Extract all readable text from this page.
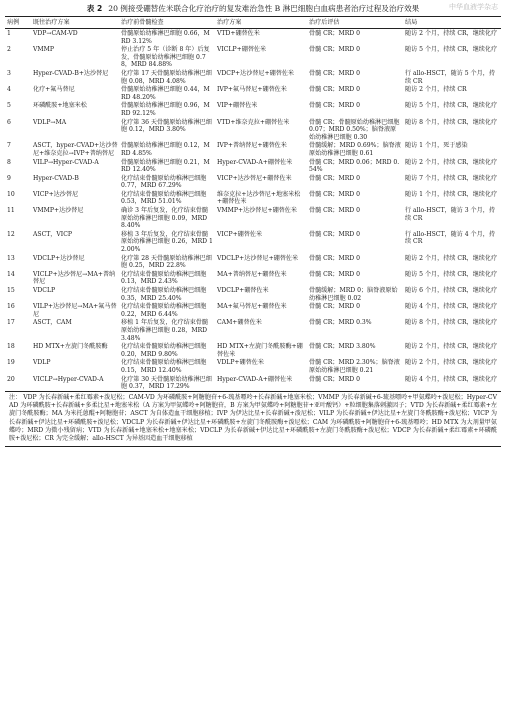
中华血液学杂志
表 2 20 例接受硼替佐米联合化疗治疗的复发难治急性 B 淋巴细胞白血病患者治疗过程及治疗效果
病例	既往治疗方案	治疗前骨髓检查	治疗方案	治疗后评估	结局
1	VDP→CAM-VD	骨髓原始幼稚淋巴细胞 0.66，MRD 3.12%	VTD+硼替佐米	骨髓 CR；MRD 0	随访 2 个月，持续 CR，继续化疗
2	VMMP	停止治疗 5 年（诊断 8 年）后复发，骨髓原始幼稚淋巴细胞 0.78，MRD 84.88%	VICLP+硼替佐米	骨髓 CR；MRD 0	随访 5 个月，持续 CR，继续化疗
3	Hyper-CVAD-B+达沙替尼	化疗第 17 天骨髓原始幼稚淋巴细胞 0.08，MRD 4.08%	VDCP+达沙替尼+硼替佐米	骨髓 CR；MRD 0	行 allo-HSCT，随访 5 个月，持续 CR
4	化疗+氟马替尼	骨髓原始幼稚淋巴细胞 0.44，MRD 48.20%	IVP+氟马替尼+硼替佐米	骨髓 CR；MRD 0	随访 2 个月，持续 CR
5	环磷酰胺+地塞米松	骨髓原始幼稚淋巴细胞 0.96，MRD 92.12%	VIP+硼替佐米	骨髓 CR；MRD 0	随访 5 个月，持续 CR，继续化疗
6	VDLP→MA	化疗第 36 天骨髓原始幼稚淋巴细胞 0.12，MRD 3.80%	VTD+维奈克拉+硼替佐米	骨髓 CR；骨髓原始幼稚淋巴细胞 0.07；MRD 0.50%；脑脊液原始幼稚淋巴细胞 0.30	随访 8 个月，持续 CR，继续化疗
7	ASCT，hyper-CVAD+达沙替尼+维奈克拉→IVP+普纳替尼	骨髓原始幼稚淋巴细胞 0.12，MRD 4.85%	IVP+普纳替尼+硼替佐米	骨髓缓解；MRD 0.69%；脑脊液原始幼稚淋巴细胞 0.61	随访 1 个月，死于感染
8	VILP→Hyper-CVAD-A	骨髓原始幼稚淋巴细胞 0.21，MRD 12.40%	Hyper-CVAD-A+硼替佐米	骨髓 CR；MRD 0.06；MRD 0.54%	随访 2 个月，持续 CR，继续化疗
9	Hyper-CVAD-B	化疗结束骨髓原始幼稚淋巴细胞 0.77，MRD 67.29%	VICP+达沙替尼+硼替佐米	骨髓 CR；MRD 0	随访 7 个月，持续 CR，继续化疗
10	VICP+达沙替尼	化疗结束骨髓原始幼稚淋巴细胞 0.53，MRD 51.01%	维奈克拉+达沙替尼+地塞米松+硼替佐米	骨髓 CR；MRD 0	随访 1 个月，持续 CR，继续化疗
11	VMMP+达沙替尼	确诊 3 年后复发，化疗结束骨髓原始幼稚淋巴细胞 0.09，MRD 8.40%	VMMP+达沙替尼+硼替佐米	骨髓 CR；MRD 0	行 allo-HSCT，随访 3 个月，持续 CR
12	ASCT，VICP	移植 3 年后复发，化疗结束骨髓原始幼稚淋巴细胞 0.26，MRD 12.00%	VICP+硼替佐米	骨髓 CR；MRD 0	行 allo-HSCT，随访 4 个月，持续 CR
13	VDCLP+达沙替尼	化疗第 28 天骨髓原始幼稚淋巴细胞 0.25，MRD 22.8%	VDCLP+达沙替尼+硼替佐米	骨髓 CR；MRD 0	随访 2 个月，持续 CR，继续化疗
14	VICLP+达沙替尼→MA+普纳替尼	化疗结束骨髓原始幼稚淋巴细胞 0.13，MRD 2.43%	MA+普纳替尼+硼替佐米	骨髓 CR；MRD 0	随访 5 个月，持续 CR，继续化疗
15	VDCLP	化疗结束骨髓原始幼稚淋巴细胞 0.35，MRD 25.40%	VDCLP+硼替佐米	骨髓缓解；MRD 0；脑脊液原始幼稚淋巴细胞 0.02	随访 6 个月，持续 CR，继续化疗
16	VILP+达沙替尼→MA+氟马替尼	化疗结束骨髓原始幼稚淋巴细胞 0.22，MRD 6.44%	MA+氟马替尼+硼替佐米	骨髓 CR；MRD 0	随访 4 个月，持续 CR，继续化疗
17	ASCT，CAM	移植 1 年后复发，化疗结束骨髓原始幼稚淋巴细胞 0.28，MRD 3.48%	CAM+硼替佐米	骨髓 CR；MRD 0.3%	随访 8 个月，持续 CR，继续化疗
18	HD MTX+左旋门冬酰胺酶	化疗结束骨髓原始幼稚淋巴细胞 0.20，MRD 9.80%	HD MTX+左旋门冬酰胺酶+硼替佐米	骨髓 CR；MRD 3.80%	随访 2 个月，持续 CR，继续化疗
19	VDLP	化疗结束骨髓原始幼稚淋巴细胞 0.15，MRD 12.40%	VDLP+硼替佐米	骨髓 CR；MRD 2.30%；脑脊液原始幼稚淋巴细胞 0.21	随访 2 个月，持续 CR，继续化疗
20	VICLP→Hyper-CVAD-A	化疗第 30 天骨髓原始幼稚淋巴细胞 0.37，MRD 17.29%	Hyper-CVAD-A+硼替佐米	骨髓 CR；MRD 0	随访 4 个月，持续 CR，继续化疗
注： VDP 为长春新碱+柔红霉素+泼尼松；CAM-VD 为环磷酰胺+阿糖胞苷+6-巯基嘌呤+长春新碱+地塞米松；VMMP 为长春新碱+6-巯基嘌呤+甲氨蝶呤+泼尼松；Hyper-CVAD 为环磷酰胺+长春新碱+多柔比星+地塞米松（A 方案为甲氨蝶呤+阿糖胞苷，B 方案为甲氨蝶呤+阿糖胞苷+亚叶酸钙）+粒细胞集落刺激因子；VTD 为长春新碱+柔红霉素+左旋门冬酰胺酶；MA 为米托蒽醌+阿糖胞苷；ASCT 为自体造血干细胞移植；IVP 为伊达比星+长春新碱+泼尼松；VILP 为长春新碱+伊达比星+左旋门冬酰胺酶+泼尼松；VICP 为长春新碱+伊达比星+环磷酰胺+泼尼松；VDCLP 为长春新碱+伊达比星+环磷酰胺+左旋门冬酰胺酶+泼尼松；CAM 为环磷酰胺+阿糖胞苷+6-巯基嘌呤；HD MTX 为大剂量甲氨蝶呤；MRD 为微小残留病；VTD 为长春新碱+地塞米松+地塞米松；VDCLP 为长春新碱+伊达比星+环磷酰胺+左旋门冬酰胺酶+泼尼松；VDCP 为长春新碱+柔红霉素+环磷酰胺+泼尼松；CR 为完全缓解；allo-HSCT 为异基因造血干细胞移植
